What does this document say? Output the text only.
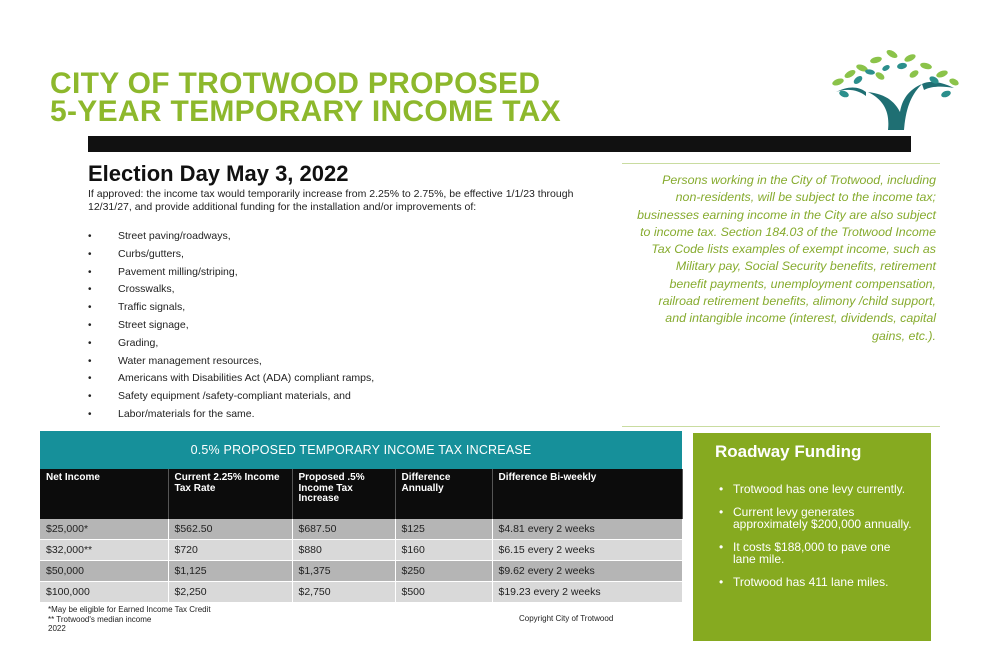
CITY OF TROTWOOD PROPOSED
5-YEAR TEMPORARY INCOME TAX
Election Day May 3, 2022
If approved: the income tax would temporarily increase from 2.25% to 2.75%, be effective 1/1/23 through 12/31/27, and provide additional funding for the installation and/or improvements of:
• Street paving/roadways,
• Curbs/gutters,
• Pavement milling/striping,
• Crosswalks,
• Traffic signals,
• Street signage,
• Grading,
• Water management resources,
• Americans with Disabilities Act (ADA) compliant ramps,
• Safety equipment /safety-compliant materials, and
• Labor/materials for the same.
Persons working in the City of Trotwood, including non-residents, will be subject to the income tax; businesses earning income in the City are also subject to income tax. Section 184.03 of the Trotwood Income Tax Code lists examples of exempt income, such as Military pay, Social Security benefits, retirement benefit payments, unemployment compensation, railroad retirement benefits, alimony /child support, and intangible income (interest, dividends, capital gains, etc.).
0.5% PROPOSED TEMPORARY INCOME TAX INCREASE
Net Income	Current 2.25% Income Tax Rate	Proposed .5% Income Tax Increase	Difference Annually	Difference Bi-weekly
$25,000*	$562.50	$687.50	$125	$4.81 every 2 weeks
$32,000**	$720	$880	$160	$6.15 every 2 weeks
$50,000	$1,125	$1,375	$250	$9.62 every 2 weeks
$100,000	$2,250	$2,750	$500	$19.23 every 2 weeks
*May be eligible for Earned Income Tax Credit
** Trotwood's median income
2022
Copyright City of Trotwood
Roadway Funding
• Trotwood has one levy currently.
• Current levy generates approximately $200,000 annually.
• It costs $188,000 to pave one lane mile.
• Trotwood has 411 lane miles.
